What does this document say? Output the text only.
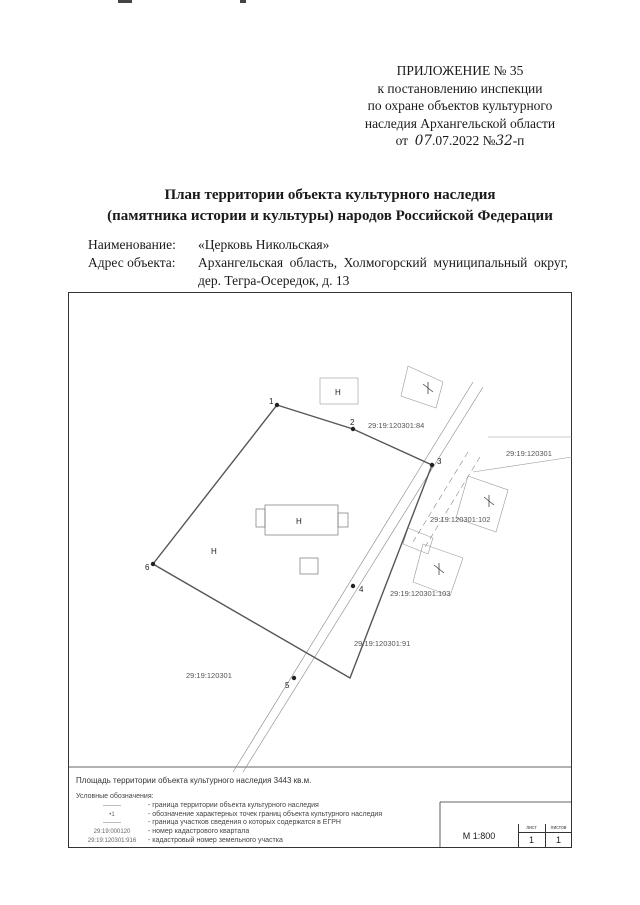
ПРИЛОЖЕНИЕ № 35
к постановлению инспекции
по охране объектов культурного
наследия Архангельской области
от 07.07.2022 №32-п
План территории объекта культурного наследия
(памятника истории и культуры) народов Российской Федерации
Наименование:	«Церковь Никольская»
Адрес объекта:	Архангельская область, Холмогорский муниципальный округ, дер. Тегра-Осередок, д. 13
1
2
3
4
5
6
29:19:120301:84
29:19:120301
29:19:120301:102
29:19:120301:103
29:19:120301:91
29:19:120301
Н
Н
Н
Площадь территории объекта культурного наследия 3443 кв.м.
Условные обозначения:
———	- граница территории объекта культурного наследия
•1	- обозначение характерных точек границ объекта культурного наследия
———	- граница участков сведения о которых содержатся в ЕГРН
29:19:000120	- номер кадастрового квартала
29:19:120301:916	- кадастровый номер земельного участка	М 1:800
лист
1
листов
1
